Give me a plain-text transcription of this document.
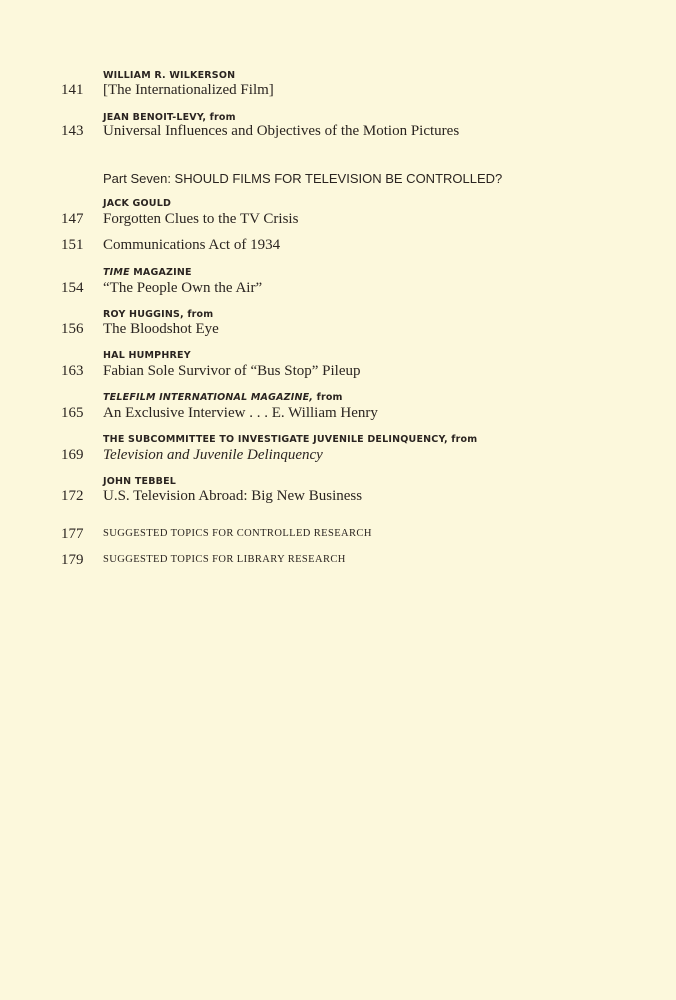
WILLIAM R. WILKERSON
141 [The Internationalized Film]
JEAN BENOIT-LEVY, from
143 Universal Influences and Objectives of the Motion Pictures
Part Seven: SHOULD FILMS FOR TELEVISION BE CONTROLLED?
JACK GOULD
147 Forgotten Clues to the TV Crisis
151 Communications Act of 1934
TIME MAGAZINE
154 “The People Own the Air”
ROY HUGGINS, from
156 The Bloodshot Eye
HAL HUMPHREY
163 Fabian Sole Survivor of “Bus Stop” Pileup
TELEFILM INTERNATIONAL MAGAZINE, from
165 An Exclusive Interview . . . E. William Henry
THE SUBCOMMITTEE TO INVESTIGATE JUVENILE DELINQUENCY, from
169 Television and Juvenile Delinquency
JOHN TEBBEL
172 U.S. Television Abroad: Big New Business
177 SUGGESTED TOPICS FOR CONTROLLED RESEARCH
179 SUGGESTED TOPICS FOR LIBRARY RESEARCH
